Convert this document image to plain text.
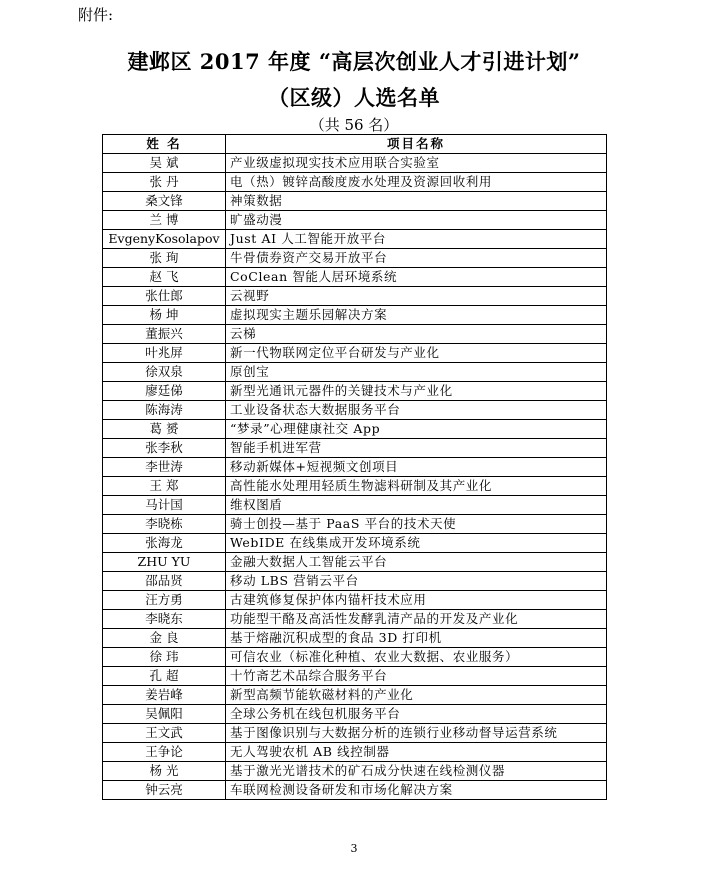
附件:
建邺区 2017 年度 “高层次创业人才引进计划”
（区级）人选名单
（共 56 名）
姓 名	项目名称
吴 斌	产业级虚拟现实技术应用联合实验室
张 丹	电（热）镀锌高酸度废水处理及资源回收利用
桑文锋	神策数据
兰 博	旷盛动漫
EvgenyKosolapov	Just AI 人工智能开放平台
张 珣	牛骨债券资产交易开放平台
赵 飞	CoClean 智能人居环境系统
张仕郎	云视野
杨 坤	虚拟现实主题乐园解决方案
董振兴	云梯
叶兆屏	新一代物联网定位平台研发与产业化
徐双泉	原创宝
廖廷俤	新型光通讯元器件的关键技术与产业化
陈海涛	工业设备状态大数据服务平台
葛 赟	“梦录”心理健康社交 App
张李秋	智能手机进军营
李世涛	移动新媒体+短视频文创项目
王 郑	高性能水处理用轻质生物滤料研制及其产业化
马计国	维权图盾
李晓栋	骑士创投—基于 PaaS 平台的技术天使
张海龙	WebIDE 在线集成开发环境系统
ZHU YU	金融大数据人工智能云平台
邵品贤	移动 LBS 营销云平台
汪方勇	古建筑修复保护体内锚杆技术应用
李晓东	功能型干酪及高活性发酵乳清产品的开发及产业化
金 良	基于熔融沉积成型的食品 3D 打印机
徐 玮	可信农业（标准化种植、农业大数据、农业服务）
孔 超	十竹斋艺术品综合服务平台
姜岩峰	新型高频节能软磁材料的产业化
吴佩阳	全球公务机在线包机服务平台
王文武	基于图像识别与大数据分析的连锁行业移动督导运营系统
王争论	无人驾驶农机 AB 线控制器
杨 光	基于激光光谱技术的矿石成分快速在线检测仪器
钟云亮	车联网检测设备研发和市场化解决方案
3
